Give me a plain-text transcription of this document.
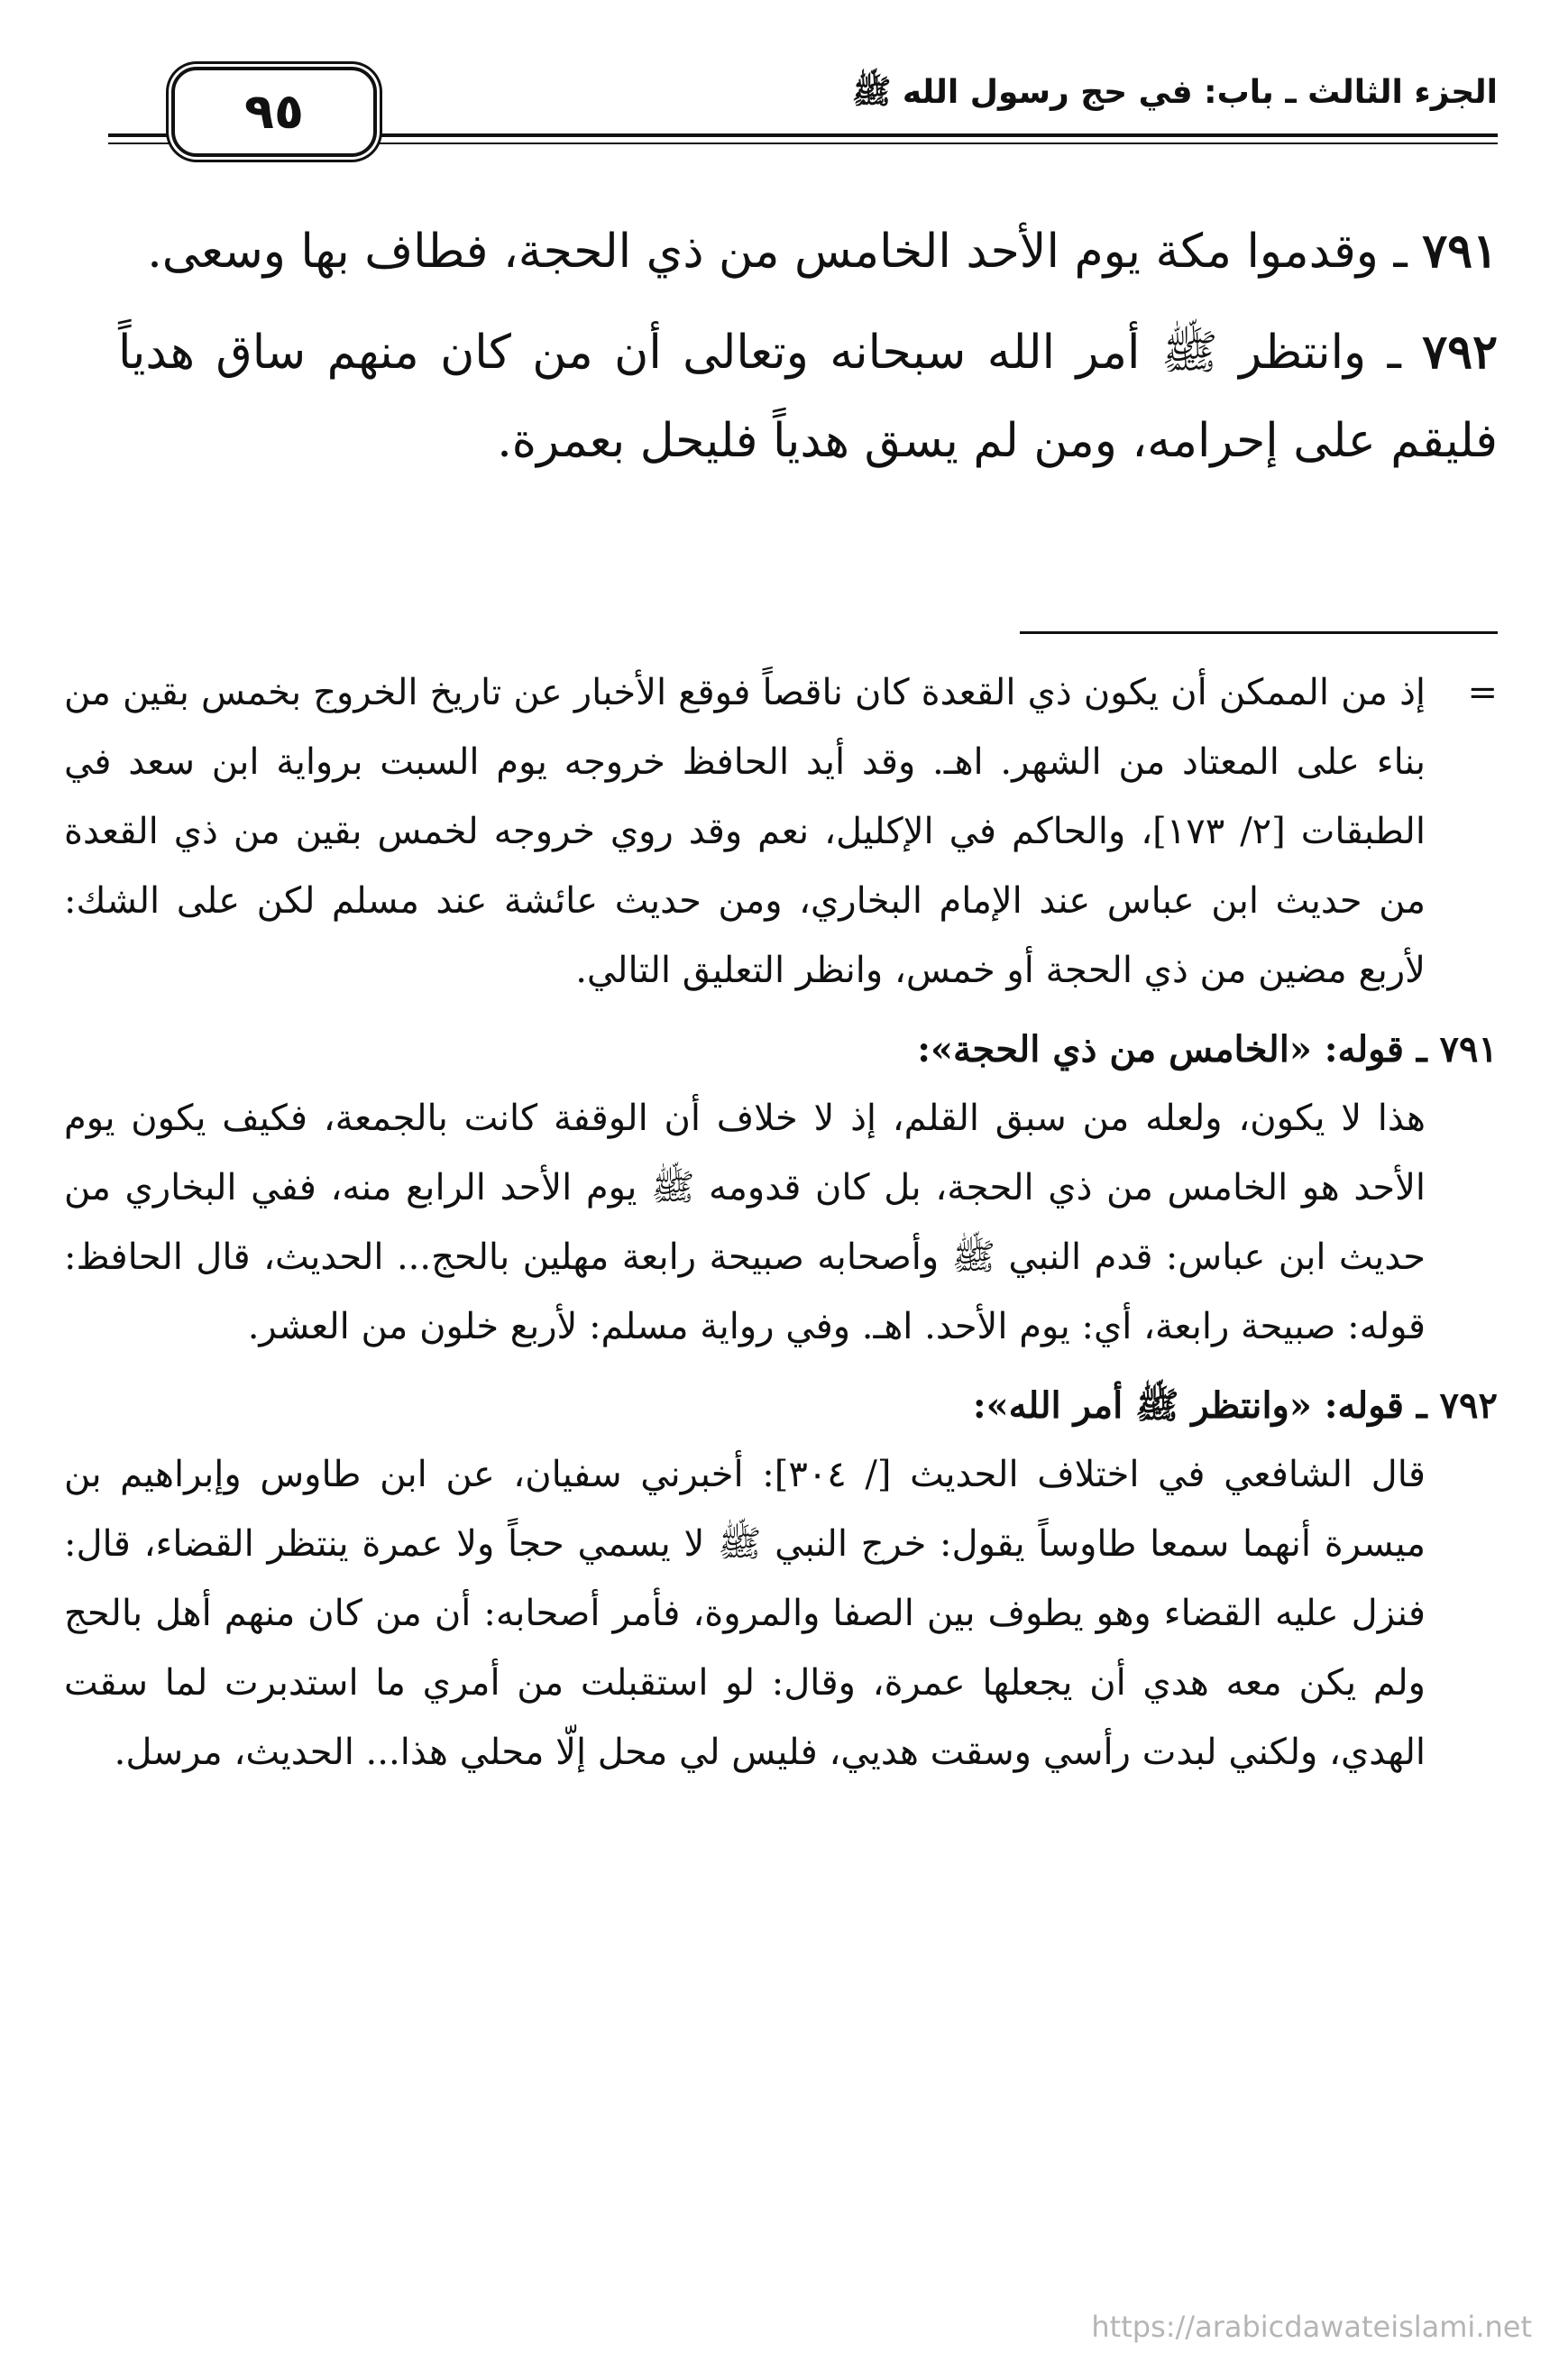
الجزء الثالث ـ باب: في حج رسول الله ﷺ
٩٥

٧٩١ ـ وقدموا مكة يوم الأحد الخامس من ذي الحجة، فطاف بها وسعى.

٧٩٢ ـ وانتظر ﷺ أمر الله سبحانه وتعالى أن من كان منهم ساق هدياً فليقم على إحرامه، ومن لم يسق هدياً فليحل بعمرة.

=

إذ من الممكن أن يكون ذي القعدة كان ناقصاً فوقع الأخبار عن تاريخ الخروج بخمس بقين من بناء على المعتاد من الشهر. اهـ. وقد أيد الحافظ خروجه يوم السبت برواية ابن سعد في الطبقات [٢/ ١٧٣]، والحاكم في الإكليل، نعم وقد روي خروجه لخمس بقين من ذي القعدة من حديث ابن عباس عند الإمام البخاري، ومن حديث عائشة عند مسلم لكن على الشك: لأربع مضين من ذي الحجة أو خمس، وانظر التعليق التالي.

٧٩١ ـ قوله: «الخامس من ذي الحجة»:

هذا لا يكون، ولعله من سبق القلم، إذ لا خلاف أن الوقفة كانت بالجمعة، فكيف يكون يوم الأحد هو الخامس من ذي الحجة، بل كان قدومه ﷺ يوم الأحد الرابع منه، ففي البخاري من حديث ابن عباس: قدم النبي ﷺ وأصحابه صبيحة رابعة مهلين بالحج... الحديث، قال الحافظ: قوله: صبيحة رابعة، أي: يوم الأحد. اهـ. وفي رواية مسلم: لأربع خلون من العشر.

٧٩٢ ـ قوله: «وانتظر ﷺ أمر الله»:

قال الشافعي في اختلاف الحديث [/ ٣٠٤]: أخبرني سفيان، عن ابن طاوس وإبراهيم بن ميسرة أنهما سمعا طاوساً يقول: خرج النبي ﷺ لا يسمي حجاً ولا عمرة ينتظر القضاء، قال: فنزل عليه القضاء وهو يطوف بين الصفا والمروة، فأمر أصحابه: أن من كان منهم أهل بالحج ولم يكن معه هدي أن يجعلها عمرة، وقال: لو استقبلت من أمري ما استدبرت لما سقت الهدي، ولكني لبدت رأسي وسقت هديي، فليس لي محل إلّا محلي هذا... الحديث، مرسل.

https://arabicdawateislami.net
